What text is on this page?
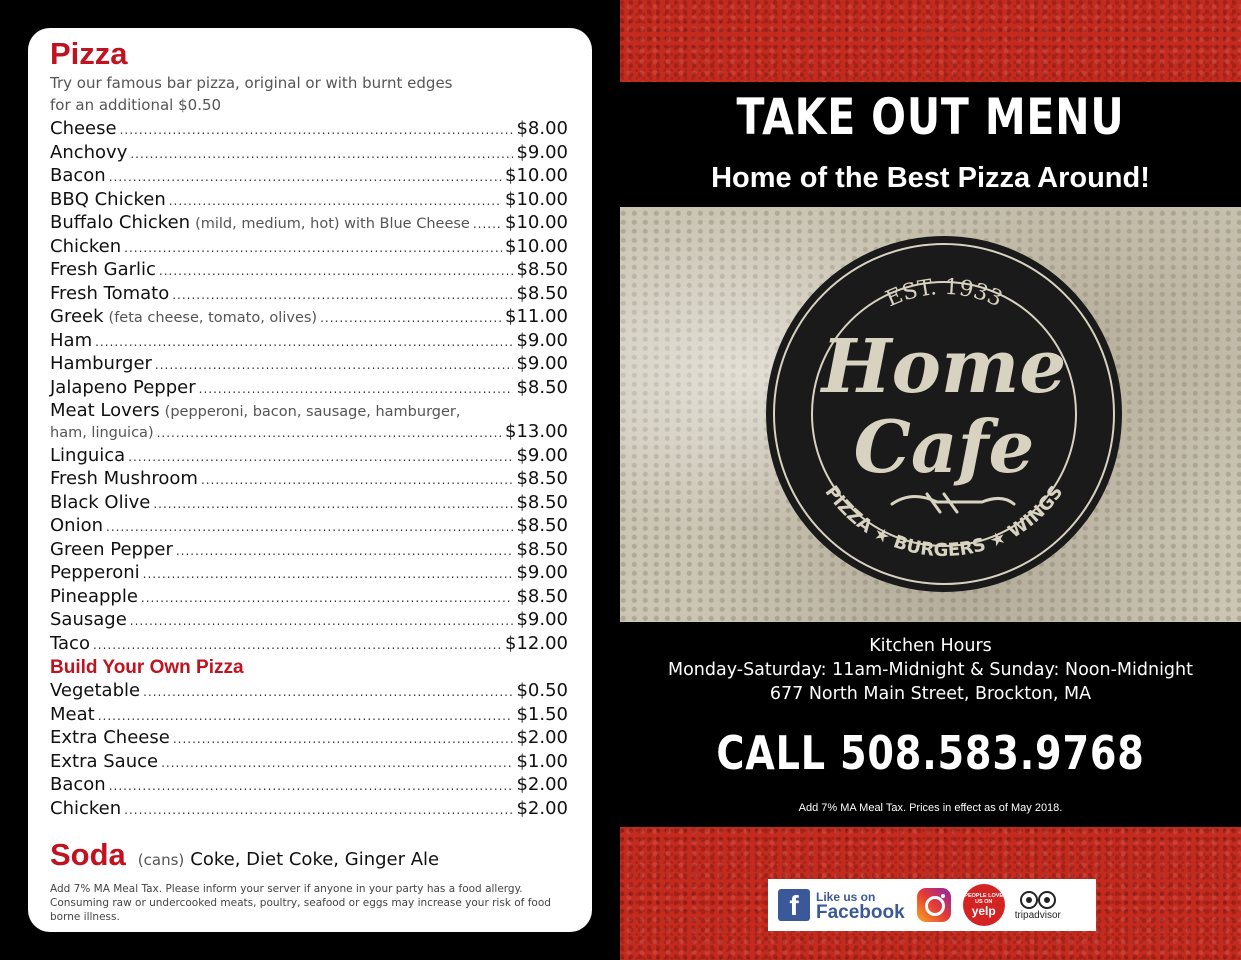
Pizza

Try our famous bar pizza, original or with burnt edges

for an additional $0.50

Cheese .....	$8.00
Anchovy .....	$9.00
Bacon .....	$10.00
BBQ Chicken .....	$10.00
Buffalo Chicken (mild, medium, hot) with Blue Cheese ..... $10.00
Chicken .....	$10.00
Fresh Garlic .....	$8.50
Fresh Tomato .....	$8.50
Greek (feta cheese, tomato, olives) .....	$11.00
Ham .....	$9.00
Hamburger .....	$9.00
Jalapeno Pepper .....	$8.50
Meat Lovers (pepperoni, bacon, sausage, hamburger,
ham, linguica) .....	$13.00
Linguica .....	$9.00
Fresh Mushroom .....	$8.50
Black Olive .....	$8.50
Onion .....	$8.50
Green Pepper .....	$8.50
Pepperoni .....	$9.00
Pineapple .....	$8.50
Sausage .....	$9.00
Taco .....	$12.00
Build Your Own Pizza
Vegetable .....	$0.50
Meat .....	$1.50
Extra Cheese .....	$2.00
Extra Sauce .....	$1.00
Bacon .....	$2.00
Chicken .....	$2.00
Soda (cans) Coke, Diet Coke, Ginger Ale
Add 7% MA Meal Tax. Please inform your server if anyone in your party has a food allergy. Consuming raw or undercooked meats, poultry, seafood or eggs may increase your risk of food borne illness.
TAKE OUT MENU
Home of the Best Pizza Around!
EST. 1933
PIZZA ★ BURGERS ★ WINGS
Home
Cafe
Kitchen Hours
Monday-Saturday: 11am-Midnight & Sunday: Noon-Midnight
677 North Main Street, Brockton, MA
CALL 508.583.9768
Add 7% MA Meal Tax. Prices in effect as of May 2018.
f	Like us on
Facebook
PEOPLE LOVE US ON
yelp tripadvisor
